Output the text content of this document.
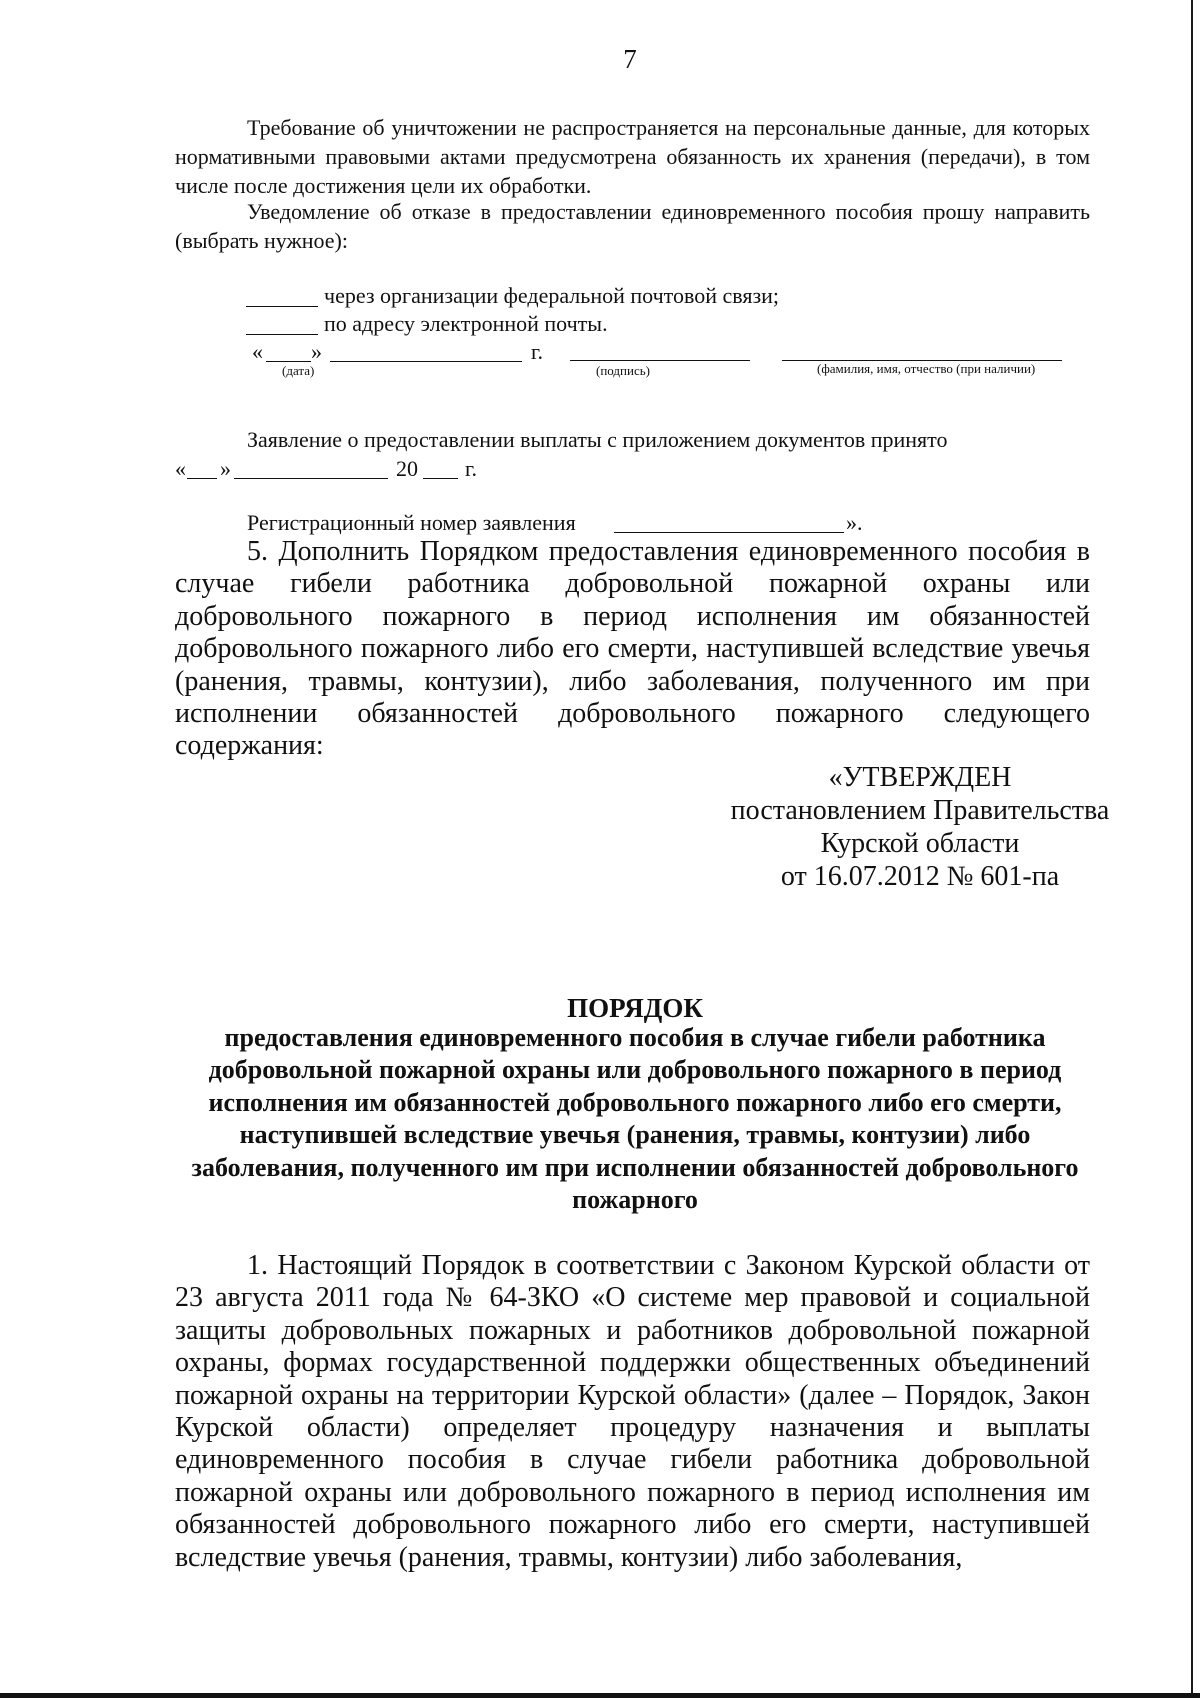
7
Требование об уничтожении не распространяется на персональные данные, для которых нормативными правовыми актами предусмотрена обязанность их хранения (передачи), в том числе после достижения цели их обработки.
Уведомление об отказе в предоставлении единовременного пособия прошу направить (выбрать нужное):
через организации федеральной почтовой связи;
по адресу электронной почты.
« »	г.
(дата)	(подпись)	(фамилия, имя, отчество (при наличии)
Заявление о предоставлении выплаты с приложением документов принято
« »	20 г.
Регистрационный номер заявления	».
5. Дополнить Порядком предоставления единовременного пособия в случае гибели работника добровольной пожарной охраны или добровольного пожарного в период исполнения им обязанностей добровольного пожарного либо его смерти, наступившей вследствие увечья (ранения, травмы, контузии), либо заболевания, полученного им при исполнении обязанностей добровольного пожарного следующего содержания:
«УТВЕРЖДЕН
постановлением Правительства
Курской области
от 16.07.2012 № 601-па
ПОРЯДОК
предоставления единовременного пособия в случае гибели работника добровольной пожарной охраны или добровольного пожарного в период исполнения им обязанностей добровольного пожарного либо его смерти, наступившей вследствие увечья (ранения, травмы, контузии) либо заболевания, полученного им при исполнении обязанностей добровольного пожарного
1. Настоящий Порядок в соответствии с Законом Курской области от 23 августа 2011 года № 64-ЗКО «О системе мер правовой и социальной защиты добровольных пожарных и работников добровольной пожарной охраны, формах государственной поддержки общественных объединений пожарной охраны на территории Курской области» (далее – Порядок, Закон Курской области) определяет процедуру назначения и выплаты единовременного пособия в случае гибели работника добровольной пожарной охраны или добровольного пожарного в период исполнения им обязанностей добровольного пожарного либо его смерти, наступившей вследствие увечья (ранения, травмы, контузии) либо заболевания,
